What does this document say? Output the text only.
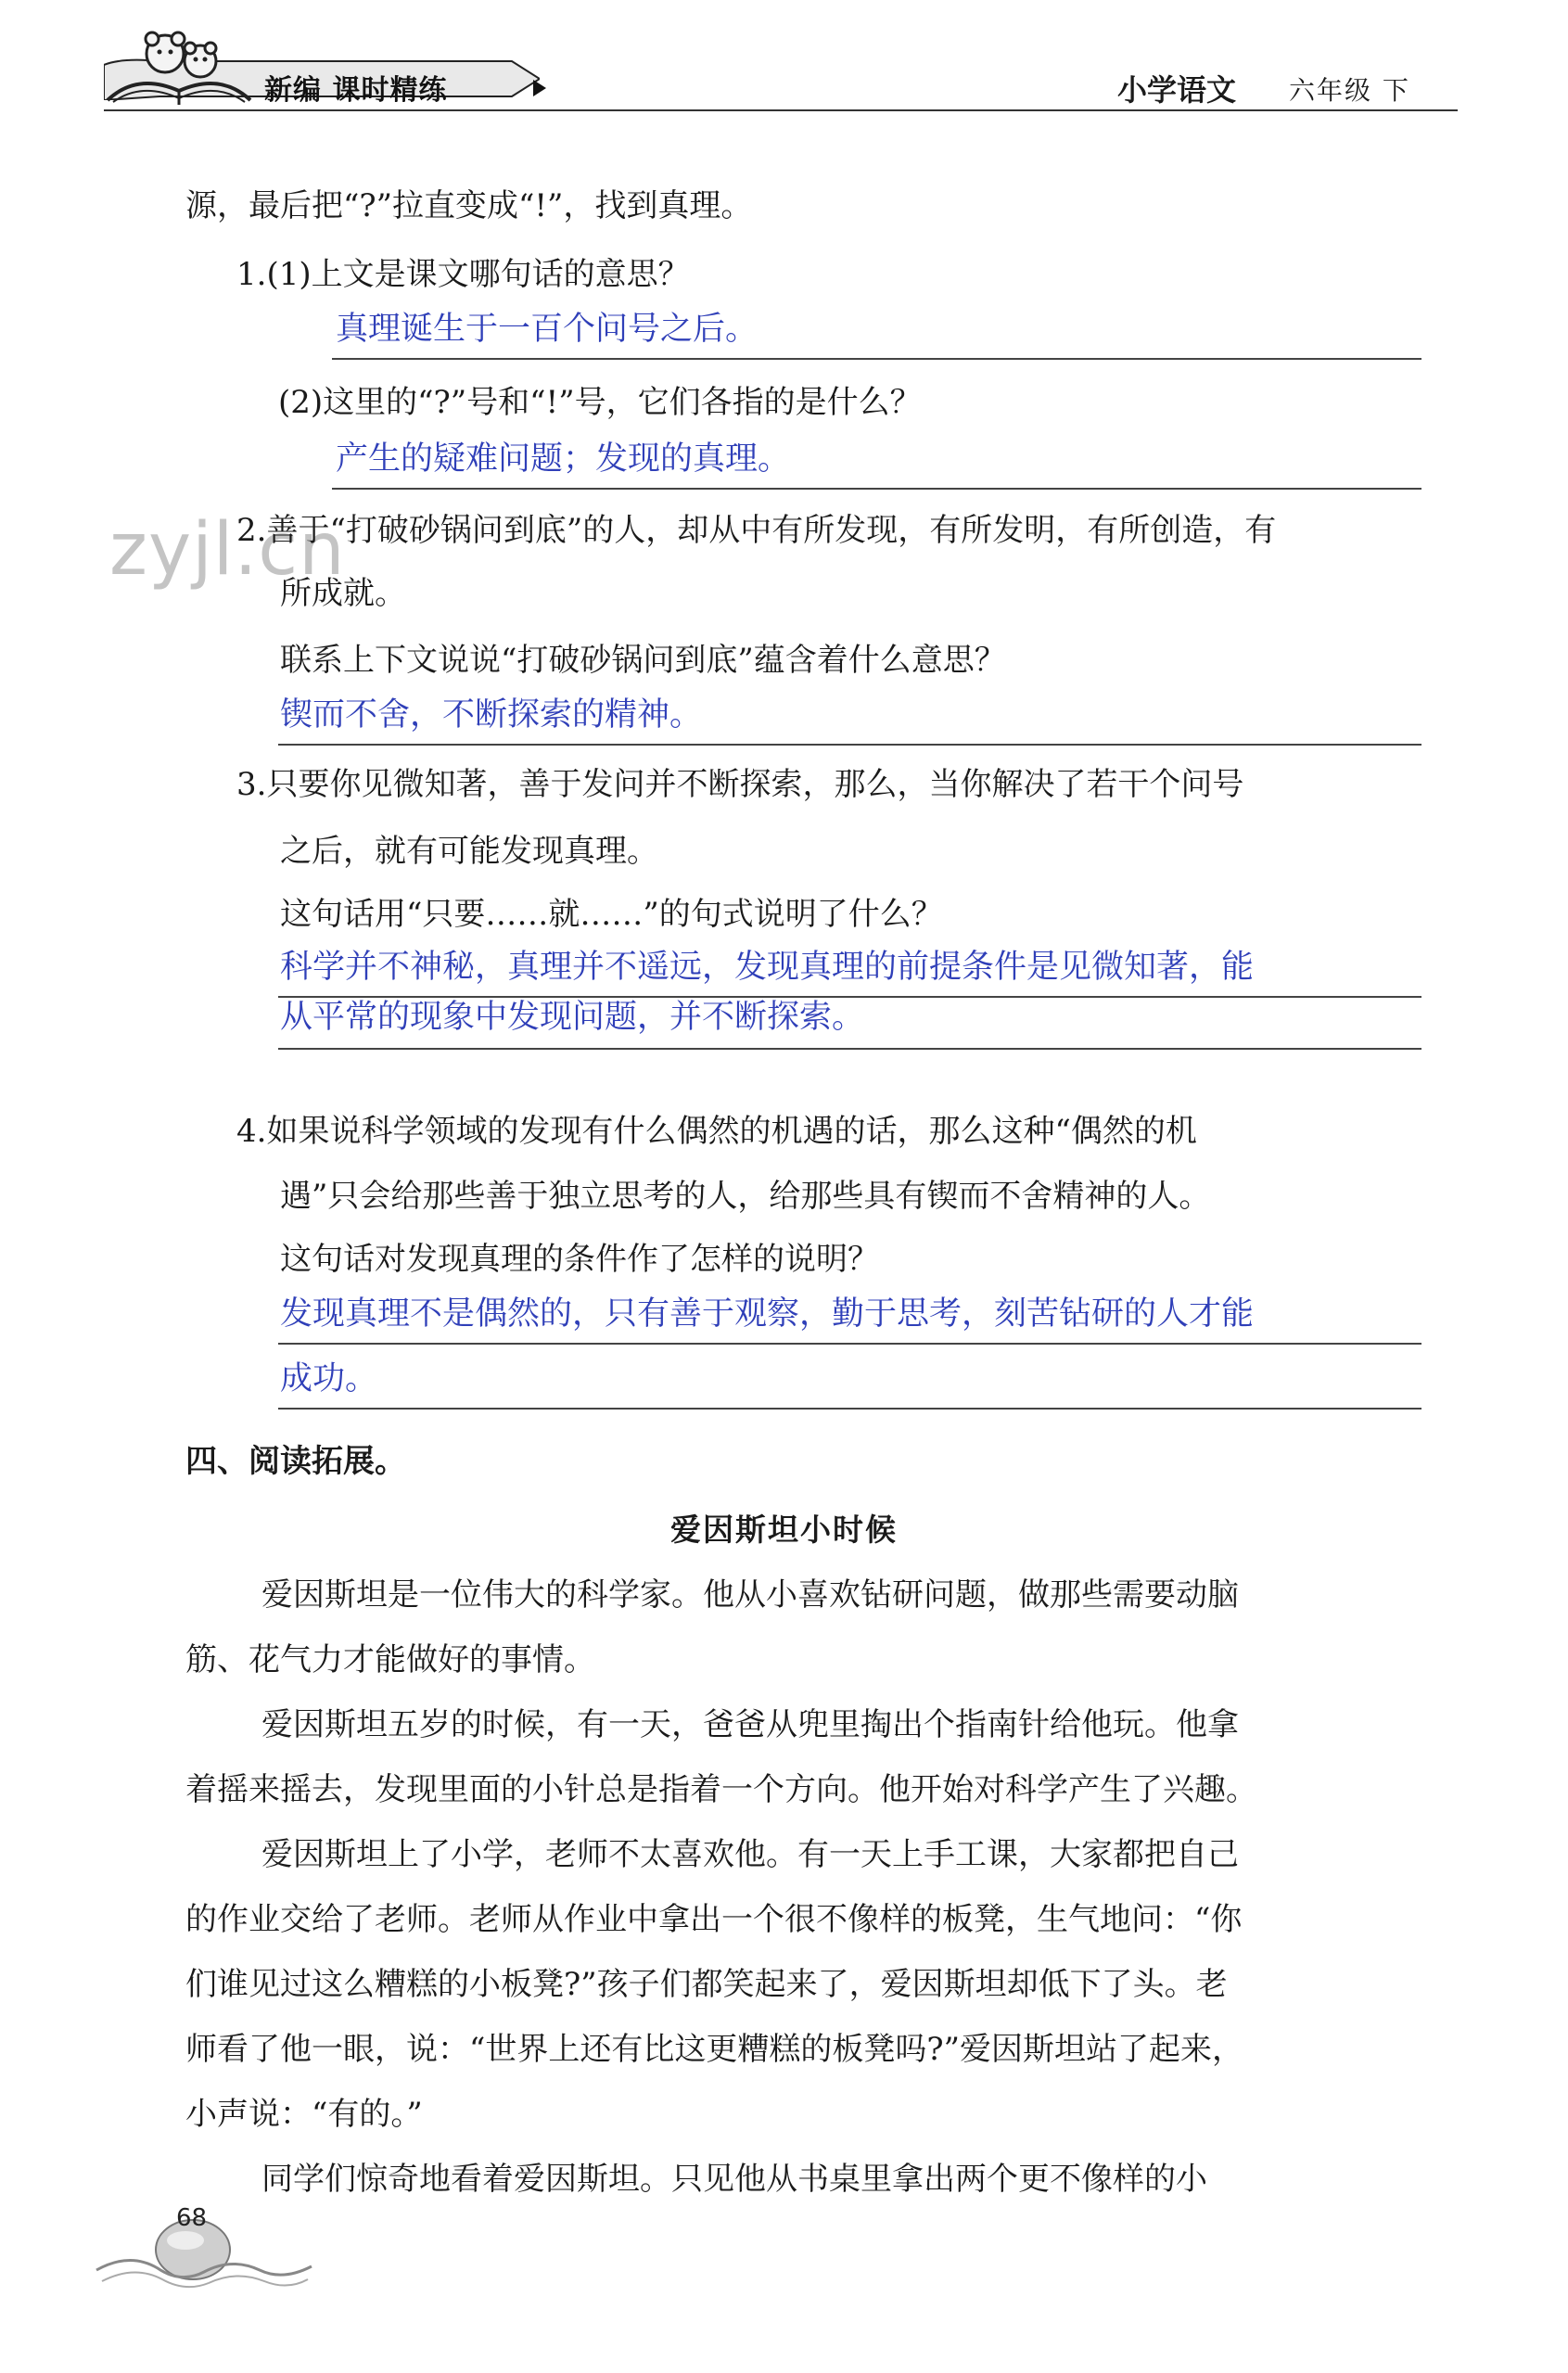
新编 课时精练	小学语文 六年级 下
zyjl.cn
源，最后把“?”拉直变成“!”，找到真理。
1.(1)上文是课文哪句话的意思？
真理诞生于一百个问号之后。
(2)这里的“?”号和“!”号，它们各指的是什么？
产生的疑难问题；发现的真理。
2.善于“打破砂锅问到底”的人，却从中有所发现，有所发明，有所创造，有
所成就。
联系上下文说说“打破砂锅问到底”蕴含着什么意思？
锲而不舍，不断探索的精神。
3.只要你见微知著，善于发问并不断探索，那么，当你解决了若干个问号
之后，就有可能发现真理。
这句话用“只要……就……”的句式说明了什么？
科学并不神秘，真理并不遥远，发现真理的前提条件是见微知著，能
从平常的现象中发现问题，并不断探索。
4.如果说科学领域的发现有什么偶然的机遇的话，那么这种“偶然的机
遇”只会给那些善于独立思考的人，给那些具有锲而不舍精神的人。
这句话对发现真理的条件作了怎样的说明？
发现真理不是偶然的，只有善于观察，勤于思考，刻苦钻研的人才能
成功。
四、阅读拓展。
爱因斯坦小时候
爱因斯坦是一位伟大的科学家。他从小喜欢钻研问题，做那些需要动脑
筋、花气力才能做好的事情。
爱因斯坦五岁的时候，有一天，爸爸从兜里掏出个指南针给他玩。他拿
着摇来摇去，发现里面的小针总是指着一个方向。他开始对科学产生了兴趣。
爱因斯坦上了小学，老师不太喜欢他。有一天上手工课，大家都把自己
的作业交给了老师。老师从作业中拿出一个很不像样的板凳，生气地问：“你
们谁见过这么糟糕的小板凳?”孩子们都笑起来了，爱因斯坦却低下了头。老
师看了他一眼，说：“世界上还有比这更糟糕的板凳吗?”爱因斯坦站了起来，
小声说：“有的。”
同学们惊奇地看着爱因斯坦。只见他从书桌里拿出两个更不像样的小
68
